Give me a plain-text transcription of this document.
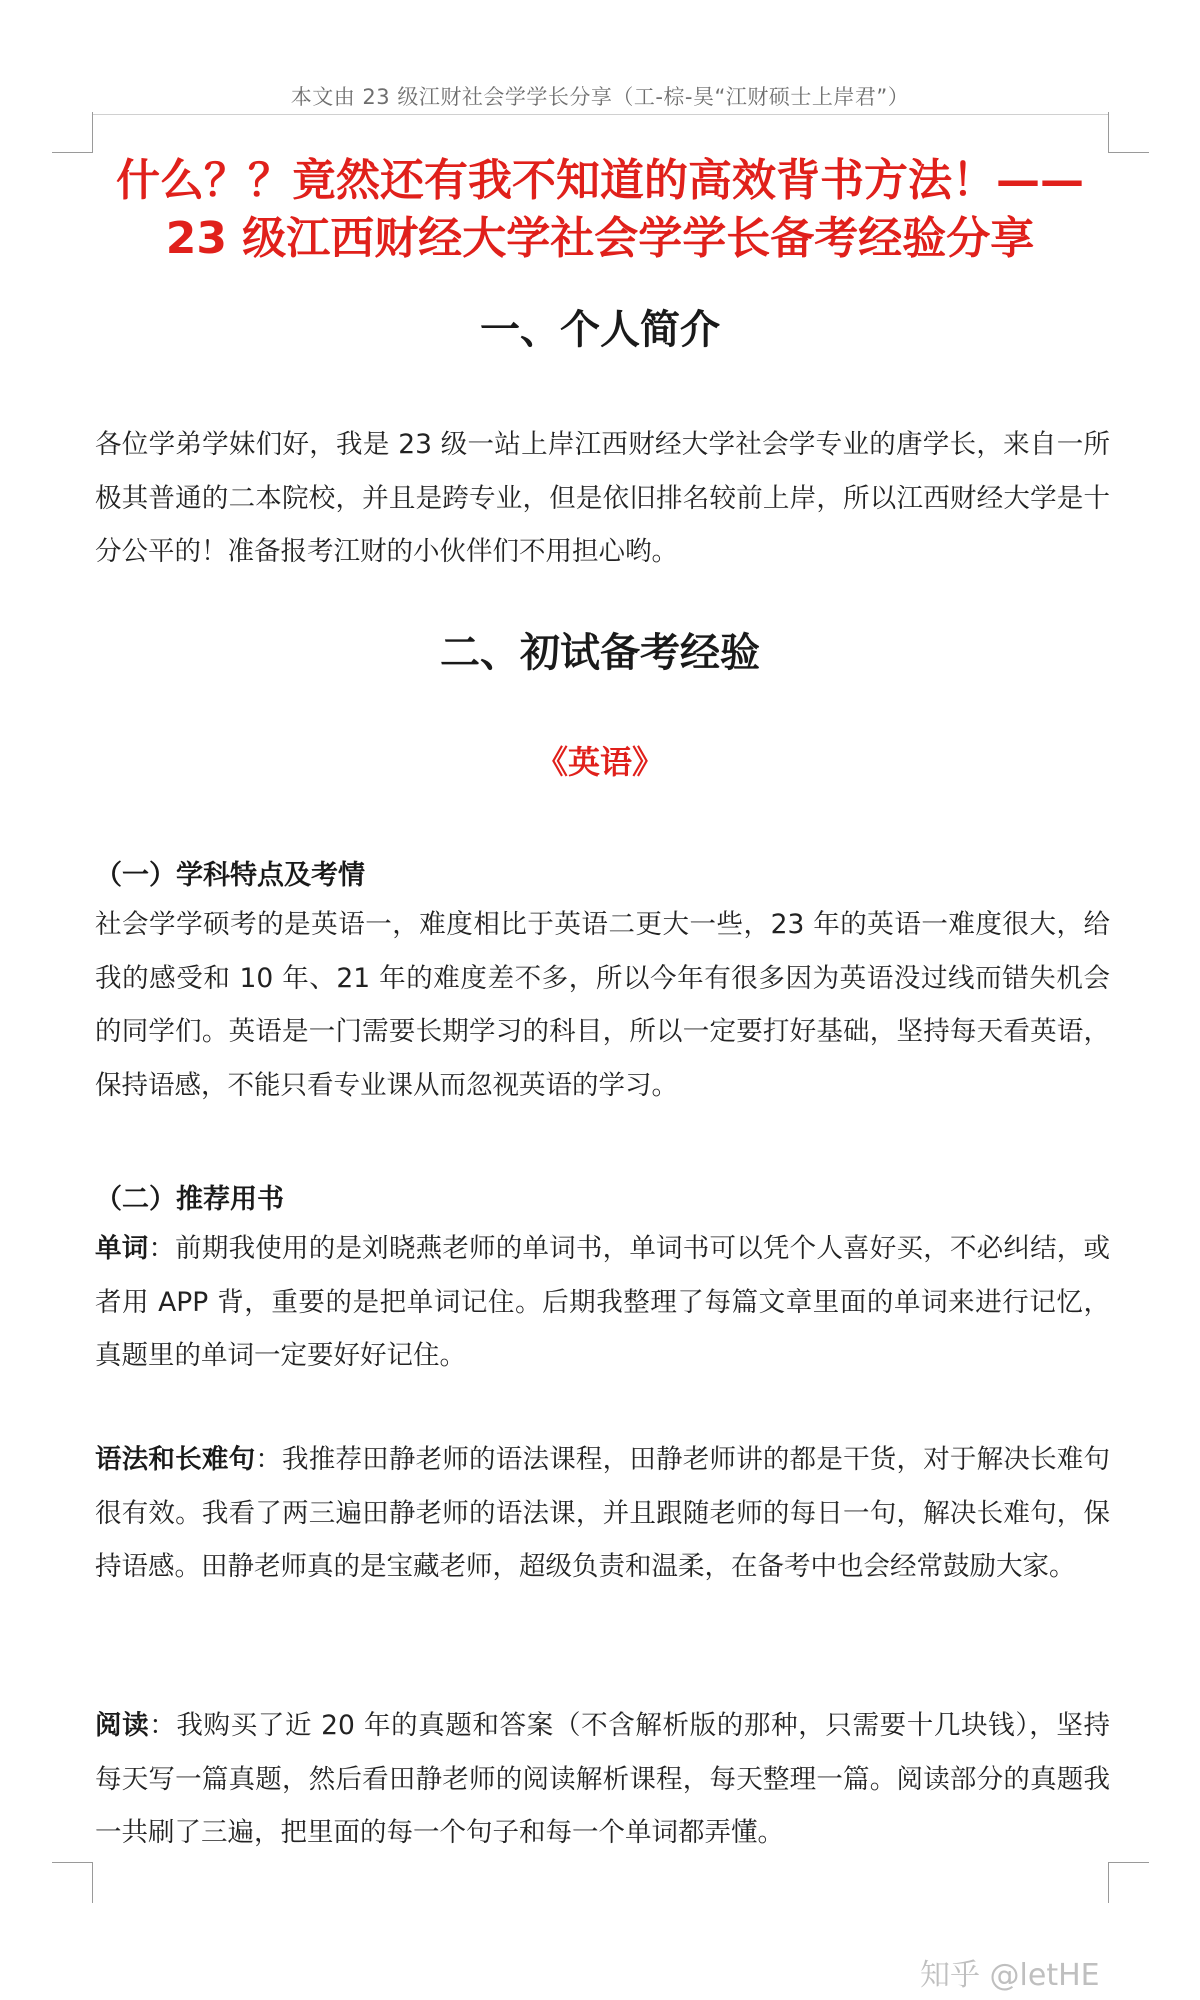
本文由 23 级江财社会学学长分享（工-棕-昊“江财硕士上岸君”）
什么？？竟然还有我不知道的高效背书方法！——23 级江西财经大学社会学学长备考经验分享
一、个人简介

各位学弟学妹们好，我是 23 级一站上岸江西财经大学社会学专业的唐学长，来自一所极其普通的二本院校，并且是跨专业，但是依旧排名较前上岸，所以江西财经大学是十分公平的！准备报考江财的小伙伴们不用担心哟。

二、初试备考经验
《英语》
（一）学科特点及考情

社会学学硕考的是英语一，难度相比于英语二更大一些，23 年的英语一难度很大，给我的感受和 10 年、21 年的难度差不多，所以今年有很多因为英语没过线而错失机会的同学们。英语是一门需要长期学习的科目，所以一定要打好基础，坚持每天看英语，保持语感，不能只看专业课从而忽视英语的学习。

（二）推荐用书

单词：前期我使用的是刘晓燕老师的单词书，单词书可以凭个人喜好买，不必纠结，或者用 APP 背，重要的是把单词记住。后期我整理了每篇文章里面的单词来进行记忆，真题里的单词一定要好好记住。

语法和长难句：我推荐田静老师的语法课程，田静老师讲的都是干货，对于解决长难句很有效。我看了两三遍田静老师的语法课，并且跟随老师的每日一句，解决长难句，保持语感。田静老师真的是宝藏老师，超级负责和温柔，在备考中也会经常鼓励大家。

阅读：我购买了近 20 年的真题和答案（不含解析版的那种，只需要十几块钱），坚持每天写一篇真题，然后看田静老师的阅读解析课程，每天整理一篇。阅读部分的真题我一共刷了三遍，把里面的每一个句子和每一个单词都弄懂。

知乎 @letHE
